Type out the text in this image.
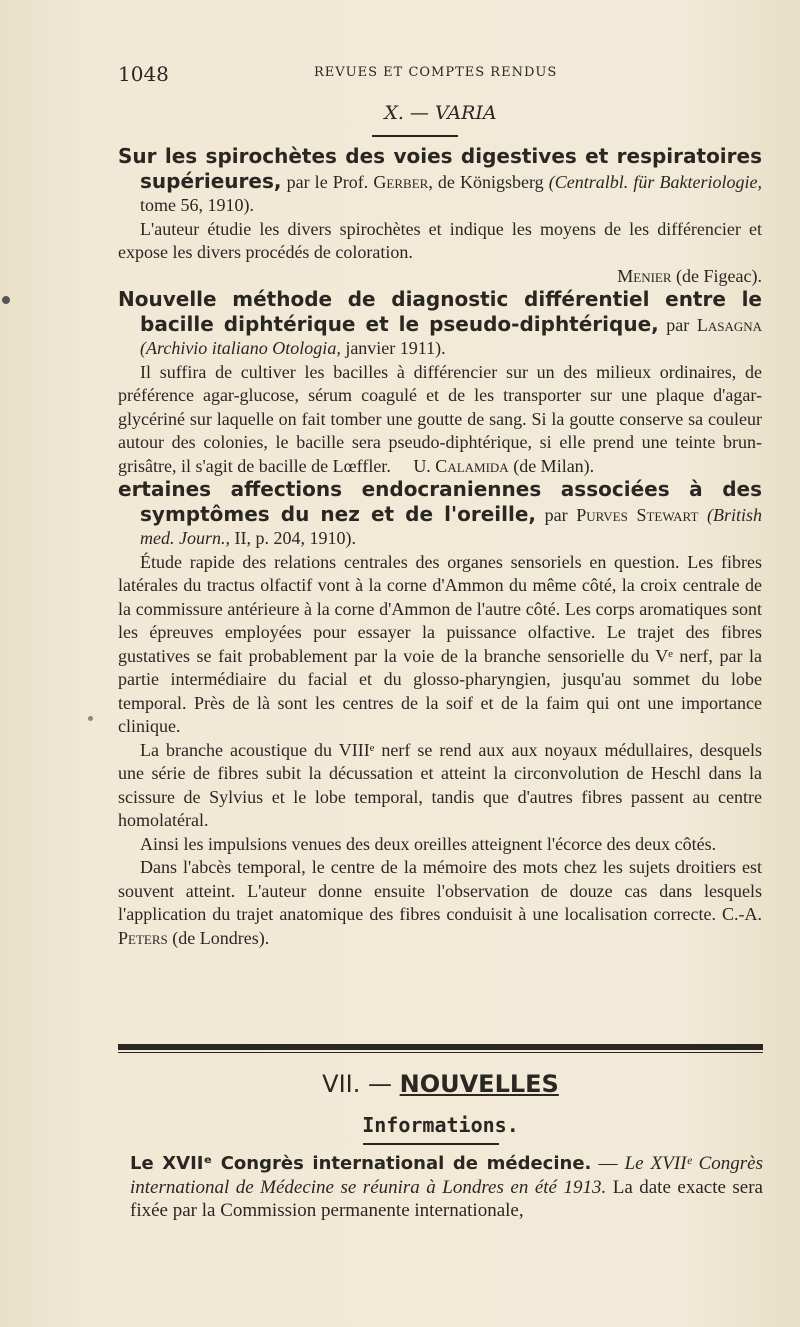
1048	REVUES ET COMPTES RENDUS
X. — VARIA

Sur les spirochètes des voies digestives et respiratoires supérieures, par le Prof. Gerber, de Königsberg (Centralbl. für Bakteriologie, tome 56, 1910).

L'auteur étudie les divers spirochètes et indique les moyens de les différencier et expose les divers procédés de coloration.

Menier (de Figeac).

Nouvelle méthode de diagnostic différentiel entre le bacille diphtérique et le pseudo-diphtérique, par Lasagna (Archivio italiano Otologia, janvier 1911).

Il suffira de cultiver les bacilles à différencier sur un des milieux ordinaires, de préférence agar-glucose, sérum coagulé et de les transporter sur une plaque d'agar-glycériné sur laquelle on fait tomber une goutte de sang. Si la goutte conserve sa couleur autour des colonies, le bacille sera pseudo-diphtérique, si elle prend une teinte brun-grisâtre, il s'agit de bacille de Lœffler. U. Calamida (de Milan).

ertaines affections endocraniennes associées à des symptômes du nez et de l'oreille, par Purves Stewart (British med. Journ., II, p. 204, 1910).

Étude rapide des relations centrales des organes sensoriels en question. Les fibres latérales du tractus olfactif vont à la corne d'Ammon du même côté, la croix centrale de la commissure antérieure à la corne d'Ammon de l'autre côté. Les corps aromatiques sont les épreuves employées pour essayer la puissance olfactive. Le trajet des fibres gustatives se fait probablement par la voie de la branche sensorielle du Vᵉ nerf, par la partie intermédiaire du facial et du glosso-pharyngien, jusqu'au sommet du lobe temporal. Près de là sont les centres de la soif et de la faim qui ont une importance clinique.

La branche acoustique du VIIIᵉ nerf se rend aux aux noyaux médullaires, desquels une série de fibres subit la décussation et atteint la circonvolution de Heschl dans la scissure de Sylvius et le lobe temporal, tandis que d'autres fibres passent au centre homolatéral.

Ainsi les impulsions venues des deux oreilles atteignent l'écorce des deux côtés.

Dans l'abcès temporal, le centre de la mémoire des mots chez les sujets droitiers est souvent atteint. L'auteur donne ensuite l'observation de douze cas dans lesquels l'application du trajet anatomique des fibres conduisit à une localisation correcte. C.-A. Peters (de Londres).

VII. — NOUVELLES
Informations.
Le XVIIᵉ Congrès international de médecine. — Le XVIIᵉ Congrès international de Médecine se réunira à Londres en été 1913. La date exacte sera fixée par la Commission permanente internationale,
